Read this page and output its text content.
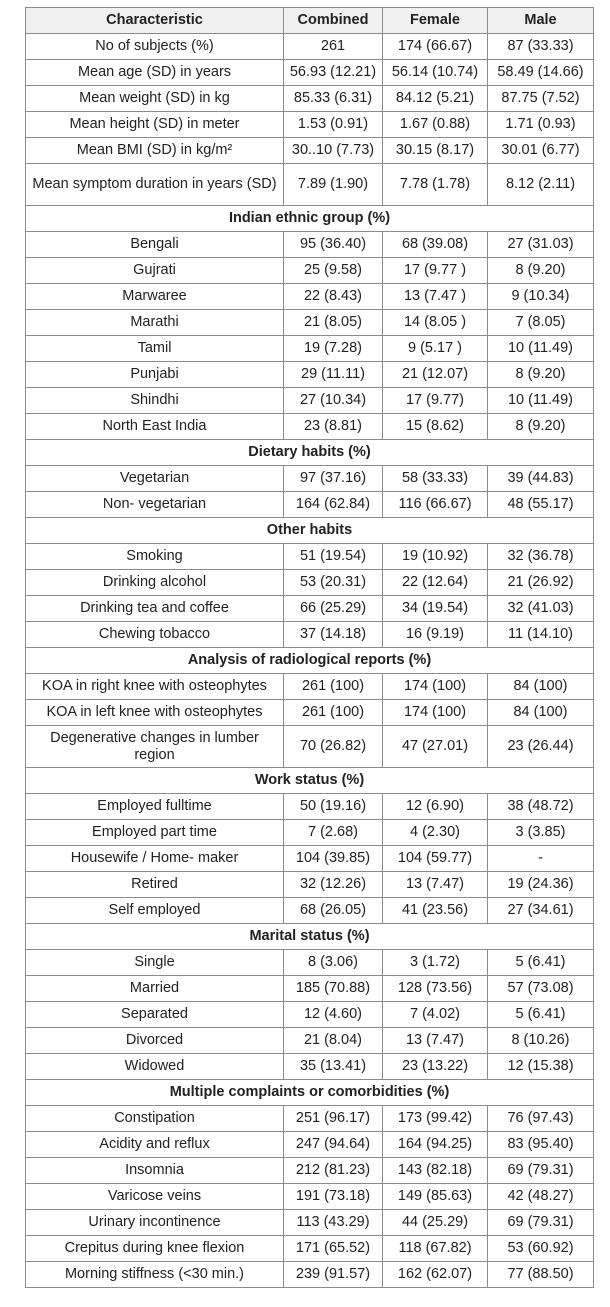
Characteristic	Combined	Female	Male
No of subjects (%)	261	174 (66.67)	87 (33.33)
Mean age (SD) in years	56.93 (12.21)	56.14 (10.74)	58.49 (14.66)
Mean weight (SD) in kg	85.33 (6.31)	84.12 (5.21)	87.75 (7.52)
Mean height (SD) in meter	1.53 (0.91)	1.67 (0.88)	1.71 (0.93)
Mean BMI (SD) in kg/m²	30..10 (7.73)	30.15 (8.17)	30.01 (6.77)
Mean symptom duration in years (SD)	7.89 (1.90)	7.78 (1.78)	8.12 (2.11)
Indian ethnic group (%)			
Bengali	95 (36.40)	68 (39.08)	27 (31.03)
Gujrati	25 (9.58)	17 (9.77 )	8 (9.20)
Marwaree	22 (8.43)	13 (7.47 )	9 (10.34)
Marathi	21 (8.05)	14 (8.05 )	7 (8.05)
Tamil	19 (7.28)	9 (5.17 )	10 (11.49)
Punjabi	29 (11.11)	21 (12.07)	8 (9.20)
Shindhi	27 (10.34)	17 (9.77)	10 (11.49)
North East India	23 (8.81)	15 (8.62)	8 (9.20)
Dietary habits (%)			
Vegetarian	97 (37.16)	58 (33.33)	39 (44.83)
Non- vegetarian	164 (62.84)	116 (66.67)	48 (55.17)
Other habits			
Smoking	51 (19.54)	19 (10.92)	32 (36.78)
Drinking alcohol	53 (20.31)	22 (12.64)	21 (26.92)
Drinking tea and coffee	66 (25.29)	34 (19.54)	32 (41.03)
Chewing tobacco	37 (14.18)	16 (9.19)	11 (14.10)
Analysis of radiological reports (%)			
KOA in right knee with osteophytes	261 (100)	174 (100)	84 (100)
KOA in left knee with osteophytes	261 (100)	174 (100)	84 (100)
Degenerative changes in lumber region	70 (26.82)	47 (27.01)	23 (26.44)
Work status (%)			
Employed fulltime	50 (19.16)	12 (6.90)	38 (48.72)
Employed part time	7 (2.68)	4 (2.30)	3 (3.85)
Housewife / Home- maker	104 (39.85)	104 (59.77)	-
Retired	32 (12.26)	13 (7.47)	19 (24.36)
Self employed	68 (26.05)	41 (23.56)	27 (34.61)
Marital status (%)			
Single	8 (3.06)	3 (1.72)	5 (6.41)
Married	185 (70.88)	128 (73.56)	57 (73.08)
Separated	12 (4.60)	7 (4.02)	5 (6.41)
Divorced	21 (8.04)	13 (7.47)	8 (10.26)
Widowed	35 (13.41)	23 (13.22)	12 (15.38)
Multiple complaints or comorbidities (%)			
Constipation	251 (96.17)	173 (99.42)	76 (97.43)
Acidity and reflux	247 (94.64)	164 (94.25)	83 (95.40)
Insomnia	212 (81.23)	143 (82.18)	69 (79.31)
Varicose veins	191 (73.18)	149 (85.63)	42 (48.27)
Urinary incontinence	113 (43.29)	44 (25.29)	69 (79.31)
Crepitus during knee flexion	171 (65.52)	118 (67.82)	53 (60.92)
Morning stiffness (<30 min.)	239 (91.57)	162 (62.07)	77 (88.50)
